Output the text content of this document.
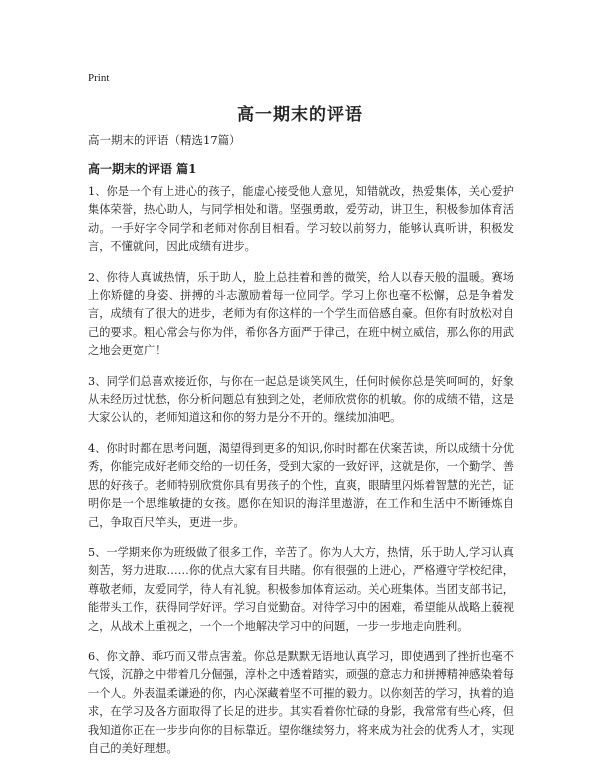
Print
高一期末的评语
高一期末的评语（精选17篇）
高一期末的评语 篇1

1、你是一个有上进心的孩子，能虚心接受他人意见，知错就改，热爱集体，关心爱护集体荣誉，热心助人，与同学相处和谐。坚强勇敢，爱劳动，讲卫生，积极参加体育活动。一手好字令同学和老师对你刮目相看。学习较以前努力，能够认真听讲，积极发言，不懂就问，因此成绩有进步。

2、你待人真诚热情，乐于助人，脸上总挂着和善的微笑，给人以春天般的温暖。赛场上你矫健的身姿、拼搏的斗志激励着每一位同学。学习上你也毫不松懈，总是争着发言，成绩有了很大的进步，老师为有你这样的一个学生而倍感自豪。但你有时放松对自己的要求。粗心常会与你为伴，希你各方面严于律己，在班中树立威信，那么你的用武之地会更宽广！

3、同学们总喜欢接近你，与你在一起总是谈笑风生，任何时候你总是笑呵呵的，好象从未经历过忧愁，你分析问题总有独到之处，老师欣赏你的机敏。你的成绩不错，这是大家公认的，老师知道这和你的努力是分不开的。继续加油吧。

4、你时时都在思考问题，渴望得到更多的知识,你时时都在伏案苦读，所以成绩十分优秀，你能完成好老师交给的一切任务，受到大家的一致好评，这就是你，一个勤学、善思的好孩子。老师特别欣赏你具有男孩子的个性，直爽，眼睛里闪烁着智慧的光芒，证明你是一个思维敏捷的女孩。愿你在知识的海洋里遨游，在工作和生活中不断锤炼自己，争取百尺竿头，更进一步。

5、一学期来你为班级做了很多工作，辛苦了。你为人大方，热情，乐于助人,学习认真刻苦，努力进取……你的优点大家有目共睹。你有很强的上进心，严格遵守学校纪律，尊敬老师，友爱同学，待人有礼貌。积极参加体育运动。关心班集体。当团支部书记，能带头工作，获得同学好评。学习自觉勤奋。对待学习中的困难，希望能从战略上藐视之，从战术上重视之，一个一个地解决学习中的问题，一步一步地走向胜利。

6、你文静、乖巧而又带点害羞。你总是默默无语地认真学习，即使遇到了挫折也毫不气馁，沉静之中带着几分倔强，淳朴之中透着踏实，顽强的意志力和拼搏精神感染着每一个人。外表温柔谦逊的你，内心深藏着坚不可摧的毅力。以你刻苦的学习，执着的追求，在学习及各方面取得了长足的进步。其实看着你忙碌的身影，我常常有些心疼，但我知道你正在一步步向你的目标靠近。望你继续努力，将来成为社会的优秀人才，实现自己的美好理想。
